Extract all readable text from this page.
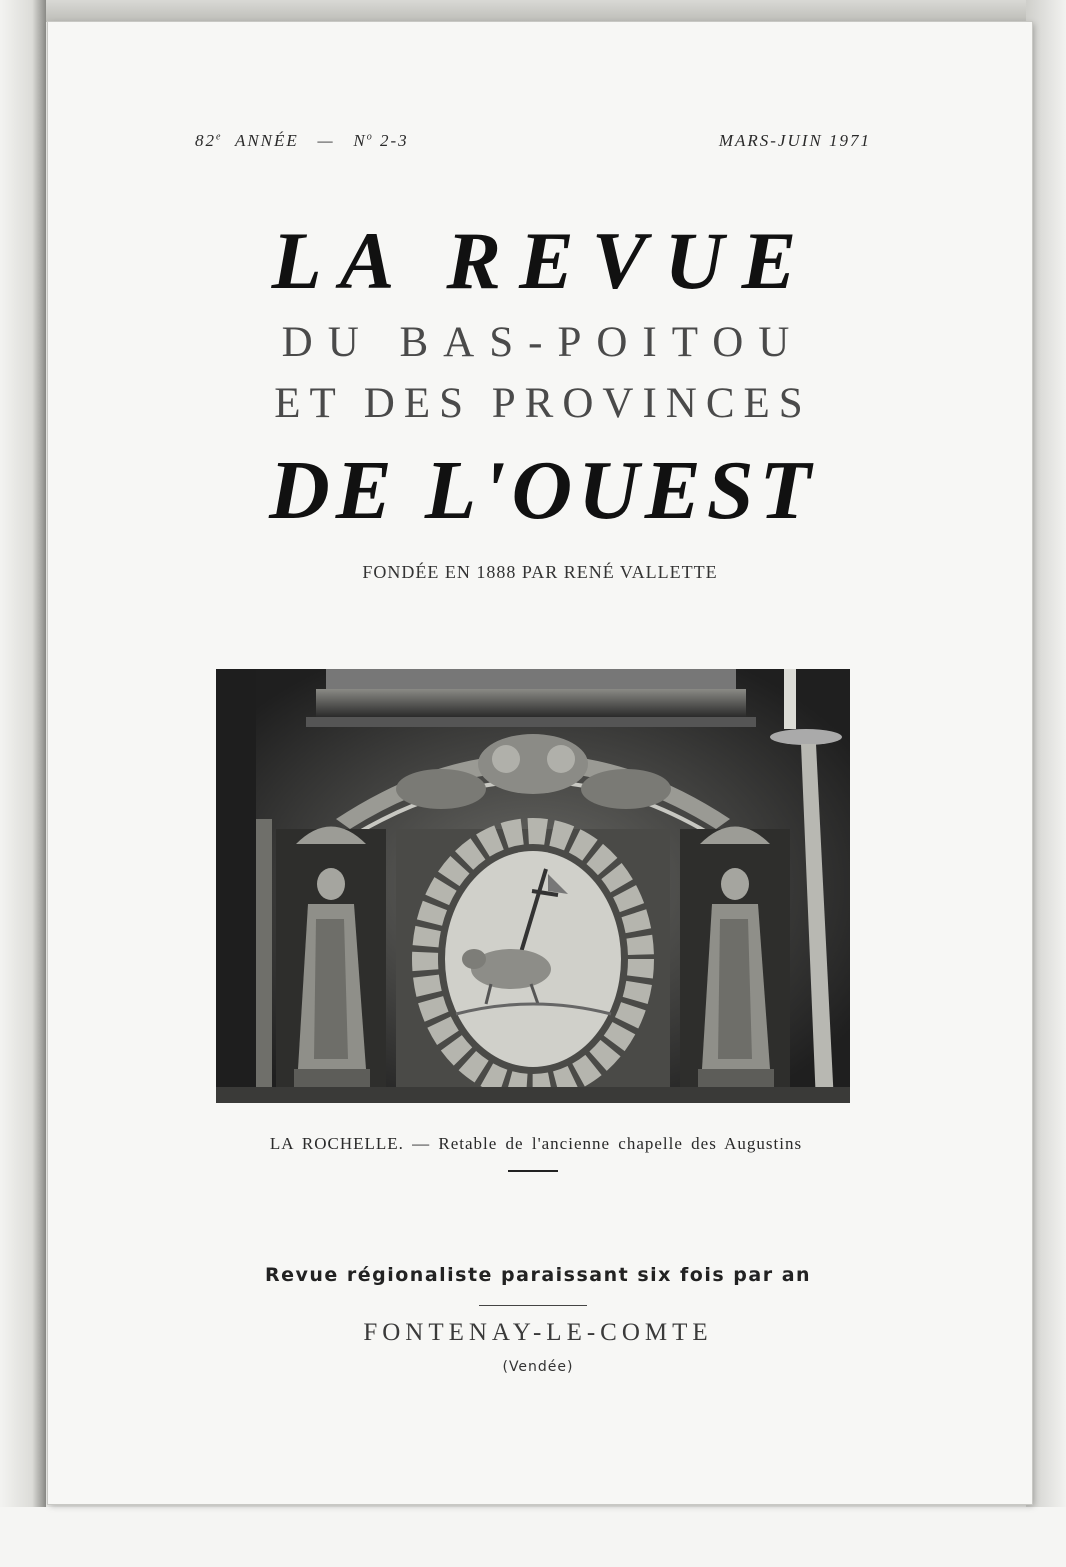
82e ANNÉE — $N^o$ 2-3	MARS-JUIN 1971
LA REVUE
DU BAS-POITOU
ET DES PROVINCES
DE L'OUEST
FONDÉE EN 1888 PAR RENÉ VALLETTE
LA ROCHELLE. — Retable de l'ancienne chapelle des Augustins
Revue régionaliste paraissant six fois par an
FONTENAY-LE-COMTE
(Vendée)
